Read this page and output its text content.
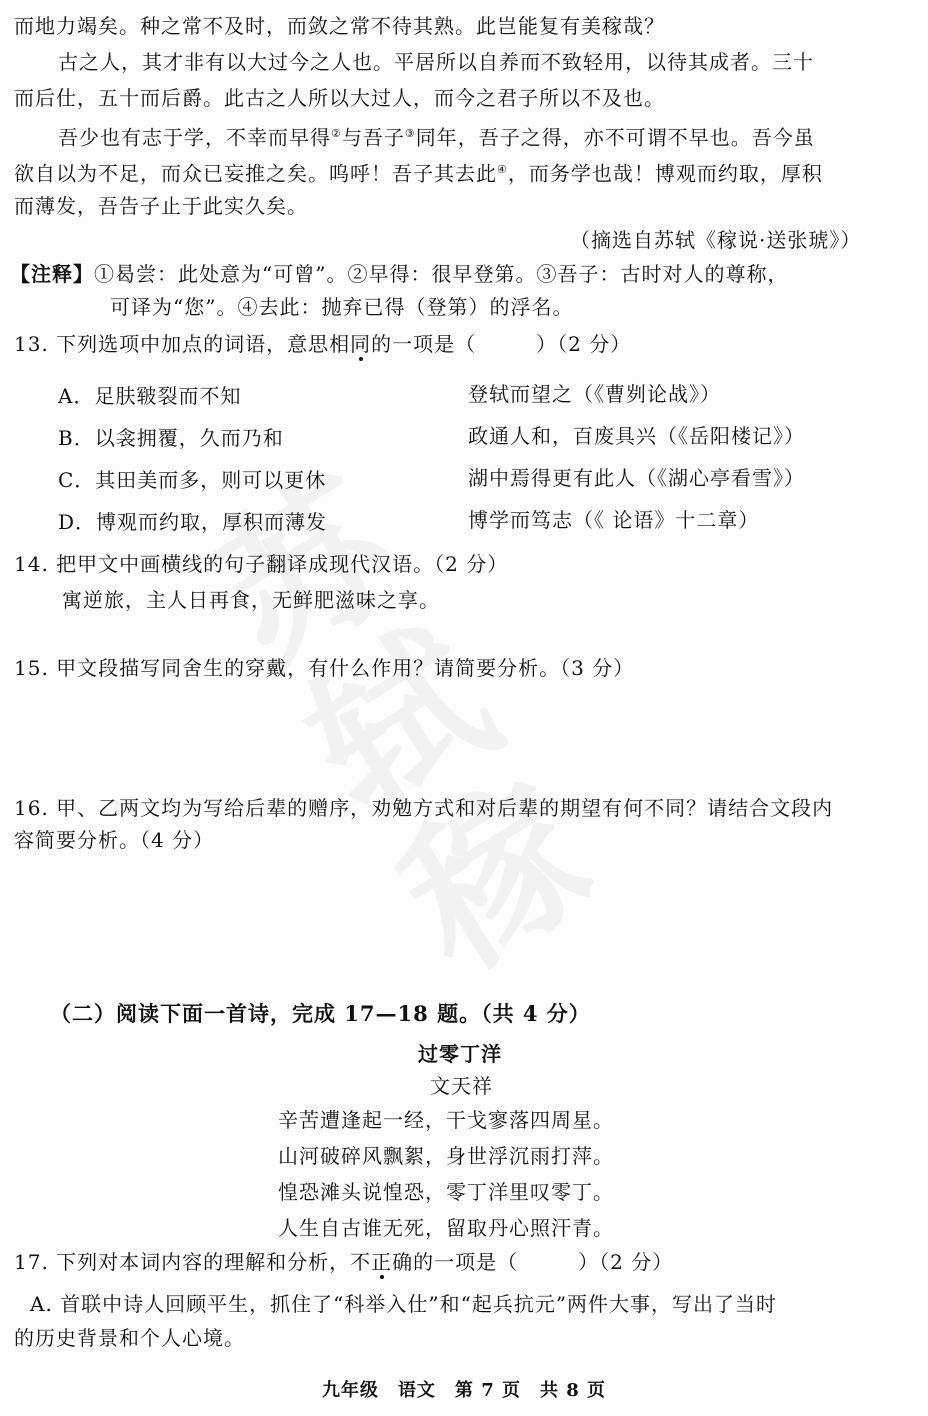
而地力竭矣。种之常不及时，而敛之常不待其熟。此岂能复有美稼哉？
古之人，其才非有以大过今之人也。平居所以自养而不致轻用，以待其成者。三十
而后仕，五十而后爵。此古之人所以大过人，而今之君子所以不及也。
吾少也有志于学，不幸而早得②与吾子③同年，吾子之得，亦不可谓不早也。吾今虽
欲自以为不足，而众已妄推之矣。呜呼！吾子其去此④，而务学也哉！博观而约取，厚积
而薄发，吾告子止于此实久矣。
（摘选自苏轼《稼说·送张琥》）
【注释】①曷尝：此处意为“可曾”。②早得：很早登第。③吾子：古时对人的尊称，
可译为“您”。④去此：抛弃已得（登第）的浮名。
13. 下列选项中加点的词语，意思相同的一项是（	）（2 分）
A．足肤皲裂而不知	登轼而望之（《曹刿论战》）
B．以衾拥覆，久而乃和	政通人和，百废具兴（《岳阳楼记》）
C．其田美而多，则可以更休	湖中焉得更有此人（《湖心亭看雪》）
D．博观而约取，厚积而薄发	博学而笃志（《 论语》十二章）
14. 把甲文中画横线的句子翻译成现代汉语。（2 分）
寓逆旅，主人日再食，无鲜肥滋味之享。
15. 甲文段描写同舍生的穿戴，有什么作用？请简要分析。（3 分）
16. 甲、乙两文均为写给后辈的赠序，劝勉方式和对后辈的期望有何不同？请结合文段内
容简要分析。（4 分）
（二）阅读下面一首诗，完成 17—18 题。（共 4 分）
过零丁洋
文天祥
辛苦遭逢起一经，干戈寥落四周星。
山河破碎风飘絮，身世浮沉雨打萍。
惶恐滩头说惶恐，零丁洋里叹零丁。
人生自古谁无死，留取丹心照汗青。
17. 下列对本词内容的理解和分析，不正确的一项是（	）（2 分）
A. 首联中诗人回顾平生，抓住了“科举入仕”和“起兵抗元”两件大事，写出了当时
的历史背景和个人心境。
九年级　语文　第 7 页　共 8 页
